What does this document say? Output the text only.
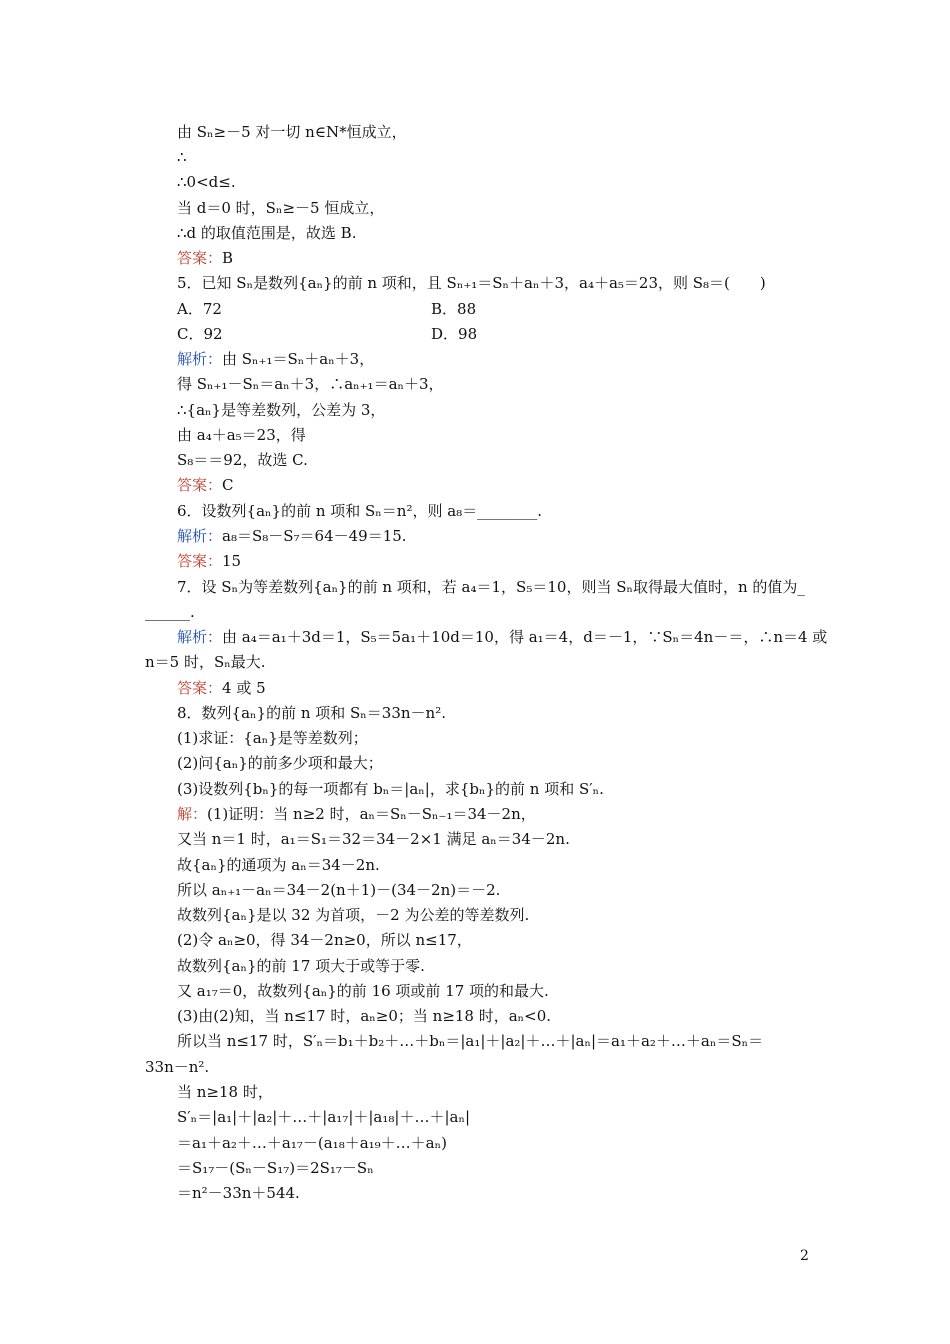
由 Sₙ≥－5 对一切 n∈N*恒成立，
∴
∴0<d≤.
当 d＝0 时，Sₙ≥－5 恒成立，
∴d 的取值范围是，故选 B.
答案：B
5．已知 Sₙ是数列{aₙ}的前 n 项和，且 Sₙ₊₁＝Sₙ＋aₙ＋3，a₄＋a₅＝23，则 S₈＝(　　)
A．72	B．88
C．92	D．98
解析：由 Sₙ₊₁＝Sₙ＋aₙ＋3，
得 Sₙ₊₁－Sₙ＝aₙ＋3，∴aₙ₊₁＝aₙ＋3，
∴{aₙ}是等差数列，公差为 3，
由 a₄＋a₅＝23，得
S₈＝＝92，故选 C.
答案：C
6．设数列{aₙ}的前 n 项和 Sₙ＝n²，则 a₈＝________.
解析：a₈＝S₈－S₇＝64－49＝15.
答案：15
7．设 Sₙ为等差数列{aₙ}的前 n 项和，若 a₄＝1，S₅＝10，则当 Sₙ取得最大值时，n 的值为_
______.
解析：由 a₄＝a₁＋3d＝1，S₅＝5a₁＋10d＝10，得 a₁＝4，d＝－1，∵Sₙ＝4n－＝，∴n＝4 或
n＝5 时，Sₙ最大.
答案：4 或 5
8．数列{aₙ}的前 n 项和 Sₙ＝33n－n².
(1)求证：{aₙ}是等差数列；
(2)问{aₙ}的前多少项和最大；
(3)设数列{bₙ}的每一项都有 bₙ＝|aₙ|，求{bₙ}的前 n 项和 S′ₙ.
解：(1)证明：当 n≥2 时，aₙ＝Sₙ－Sₙ₋₁＝34－2n，
又当 n＝1 时，a₁＝S₁＝32＝34－2×1 满足 aₙ＝34－2n.
故{aₙ}的通项为 aₙ＝34－2n.
所以 aₙ₊₁－aₙ＝34－2(n＋1)－(34－2n)＝－2.
故数列{aₙ}是以 32 为首项，－2 为公差的等差数列.
(2)令 aₙ≥0，得 34－2n≥0，所以 n≤17，
故数列{aₙ}的前 17 项大于或等于零.
又 a₁₇＝0，故数列{aₙ}的前 16 项或前 17 项的和最大.
(3)由(2)知，当 n≤17 时，aₙ≥0；当 n≥18 时，aₙ<0.
所以当 n≤17 时，S′ₙ＝b₁＋b₂＋…＋bₙ＝|a₁|＋|a₂|＋…＋|aₙ|＝a₁＋a₂＋…＋aₙ＝Sₙ＝
33n－n².
当 n≥18 时，
S′ₙ＝|a₁|＋|a₂|＋…＋|a₁₇|＋|a₁₈|＋…＋|aₙ|
＝a₁＋a₂＋…＋a₁₇－(a₁₈＋a₁₉＋…＋aₙ)
＝S₁₇－(Sₙ－S₁₇)＝2S₁₇－Sₙ
＝n²－33n＋544.
2
